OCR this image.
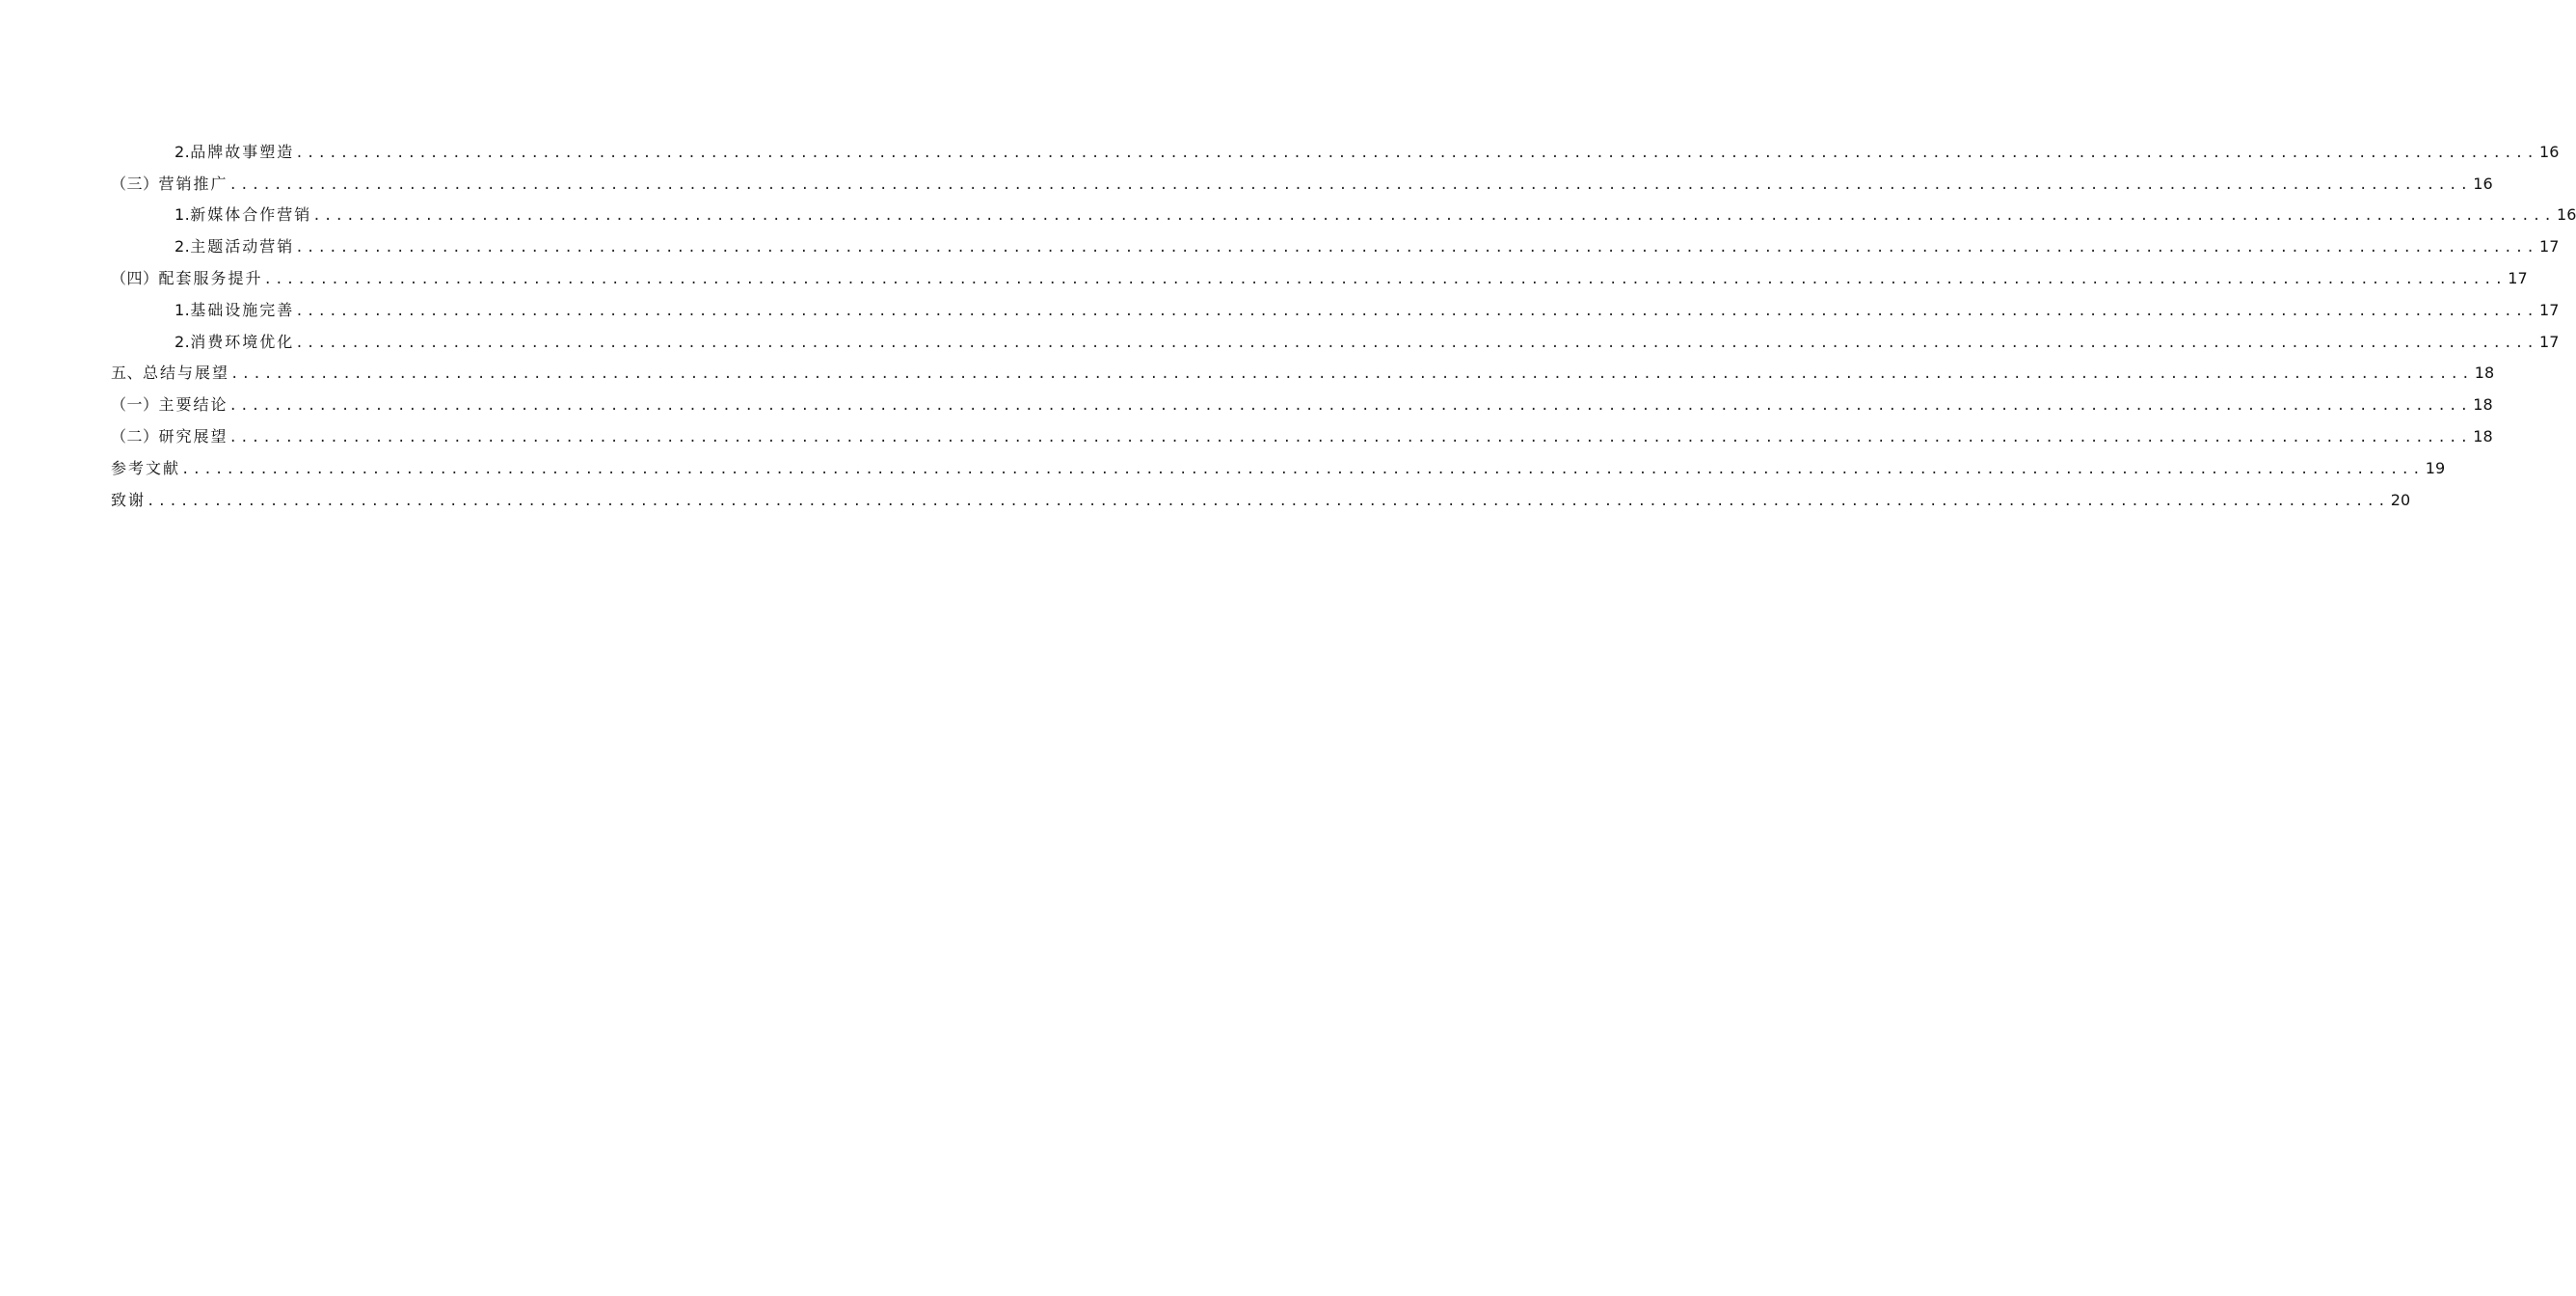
2. 品牌故事塑造 ........................................................................................................................................................................................................ 16
（三） 营销推广 ........................................................................................................................................................................................................ 16
1. 新媒体合作营销 ........................................................................................................................................................................................................ 16
2. 主题活动营销 ........................................................................................................................................................................................................ 17
（四） 配套服务提升 ........................................................................................................................................................................................................ 17
1. 基础设施完善 ........................................................................................................................................................................................................ 17
2. 消费环境优化 ........................................................................................................................................................................................................ 17
五、 总结与展望 ........................................................................................................................................................................................................ 18
（一） 主要结论 ........................................................................................................................................................................................................ 18
（二） 研究展望 ........................................................................................................................................................................................................ 18
参考文献 ........................................................................................................................................................................................................ 19
致谢 ........................................................................................................................................................................................................ 20
